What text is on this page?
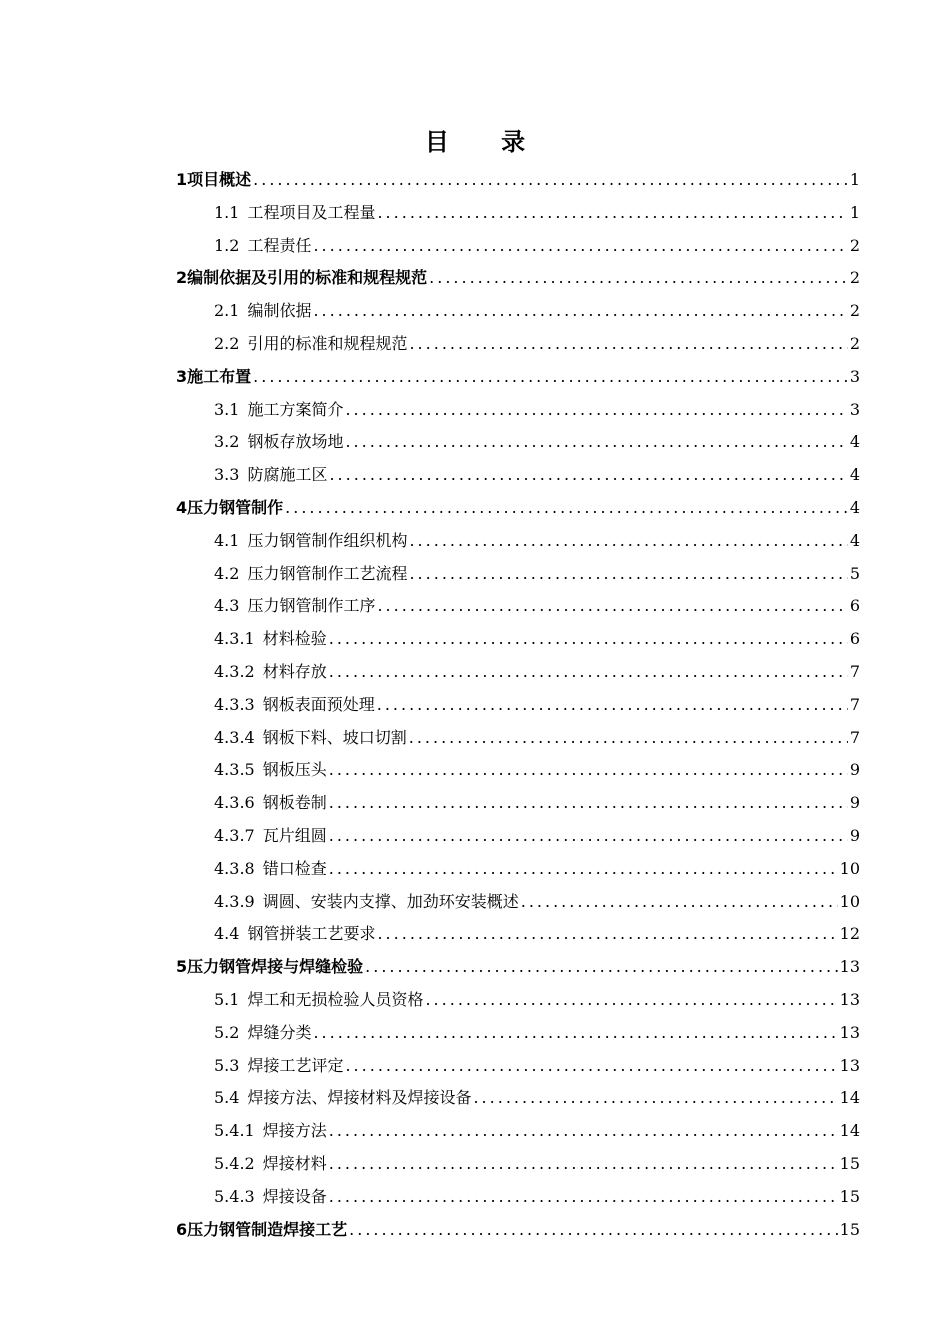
目 录
1 项目概述 .....	1
1.1 工程项目及工程量 .....	1
1.2 工程责任 .....	2
2 编制依据及引用的标准和规程规范 .....	2
2.1 编制依据 .....	2
2.2 引用的标准和规程规范 .....	2
3 施工布置 .....	3
3.1 施工方案简介 .....	3
3.2 钢板存放场地 .....	4
3.3 防腐施工区 .....	4
4 压力钢管制作 .....	4
4.1 压力钢管制作组织机构 .....	4
4.2 压力钢管制作工艺流程 .....	5
4.3 压力钢管制作工序 .....	6
4.3.1 材料检验 .....	6
4.3.2 材料存放 .....	7
4.3.3 钢板表面预处理 .....	7
4.3.4 钢板下料、坡口切割 .....	7
4.3.5 钢板压头 .....	9
4.3.6 钢板卷制 .....	9
4.3.7 瓦片组圆 .....	9
4.3.8 错口检查 .....	10
4.3.9 调圆、安装内支撑、加劲环安装概述 .....	10
4.4 钢管拼装工艺要求 .....	12
5 压力钢管焊接与焊缝检验 .....	13
5.1 焊工和无损检验人员资格 .....	13
5.2 焊缝分类 .....	13
5.3 焊接工艺评定 .....	13
5.4 焊接方法、焊接材料及焊接设备 .....	14
5.4.1 焊接方法 .....	14
5.4.2 焊接材料 .....	15
5.4.3 焊接设备 .....	15
6 压力钢管制造焊接工艺 .....	15
